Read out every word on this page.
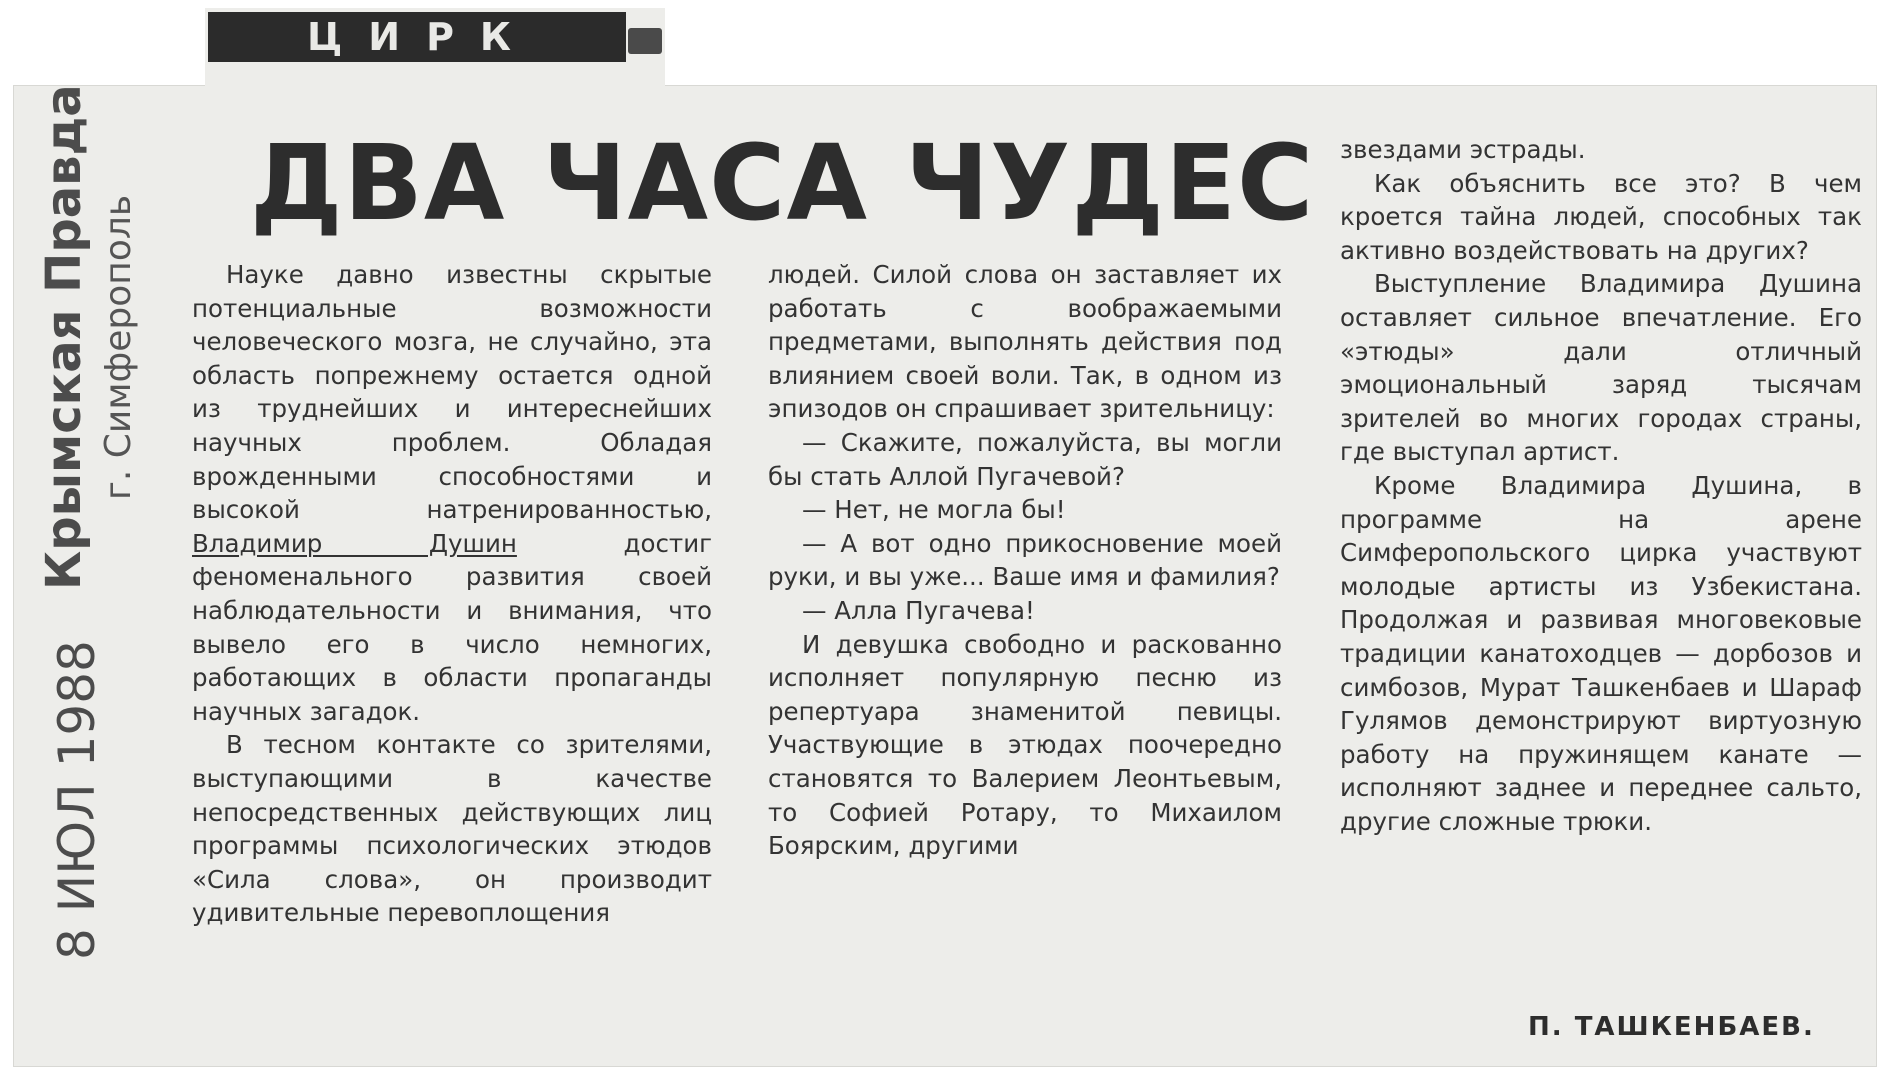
ЦИРК
8 ИЮЛ 1988
Крымская Правда г. Симферополь
ДВА ЧАСА ЧУДЕС

Науке давно известны скрытые потенциальные возможности человеческого мозга, не случайно, эта область попрежнему остается одной из труднейших и интереснейших научных проблем. Обладая врожденными способностями и высокой натренированностью, Владимир Душин	достиг феноменального развития своей наблюдательности и внимания, что вывело его в число немногих, работающих в области пропаганды научных загадок.

В тесном контакте со зрителями, выступающими в качестве непосредственных действующих лиц программы психологических этюдов «Сила слова», он производит удивительные перевоплощения

людей. Силой слова он заставляет их работать с воображаемыми предметами, выполнять действия под влиянием своей воли. Так, в одном из эпизодов он спрашивает зрительницу:

— Скажите, пожалуйста, вы могли бы стать Аллой Пугачевой?

— Нет, не могла бы!

— А вот одно прикосновение моей руки, и вы уже... Ваше имя и фамилия?

— Алла Пугачева!

И девушка свободно и раскованно исполняет популярную песню из репертуара знаменитой певицы. Участвующие в этюдах поочередно становятся то Валерием Леонтьевым, то Софией Ротару, то Михаилом Боярским, другими

звездами эстрады.

Как объяснить все это? В чем кроется тайна людей, способных так активно воздействовать на других?

Выступление Владимира Душина оставляет сильное впечатление. Его «этюды» дали отличный эмоциональный заряд тысячам зрителей во многих городах страны, где выступал артист.

Кроме Владимира Душина, в программе на арене Симферопольского цирка участвуют молодые артисты из Узбекистана. Продолжая и развивая многовековые традиции канатоходцев — дорбозов и симбозов, Мурат Ташкенбаев и Шараф Гулямов демонстрируют виртуозную работу на пружинящем канате — исполняют заднее и переднее сальто, другие сложные трюки.

П. ТАШКЕНБАЕВ.
